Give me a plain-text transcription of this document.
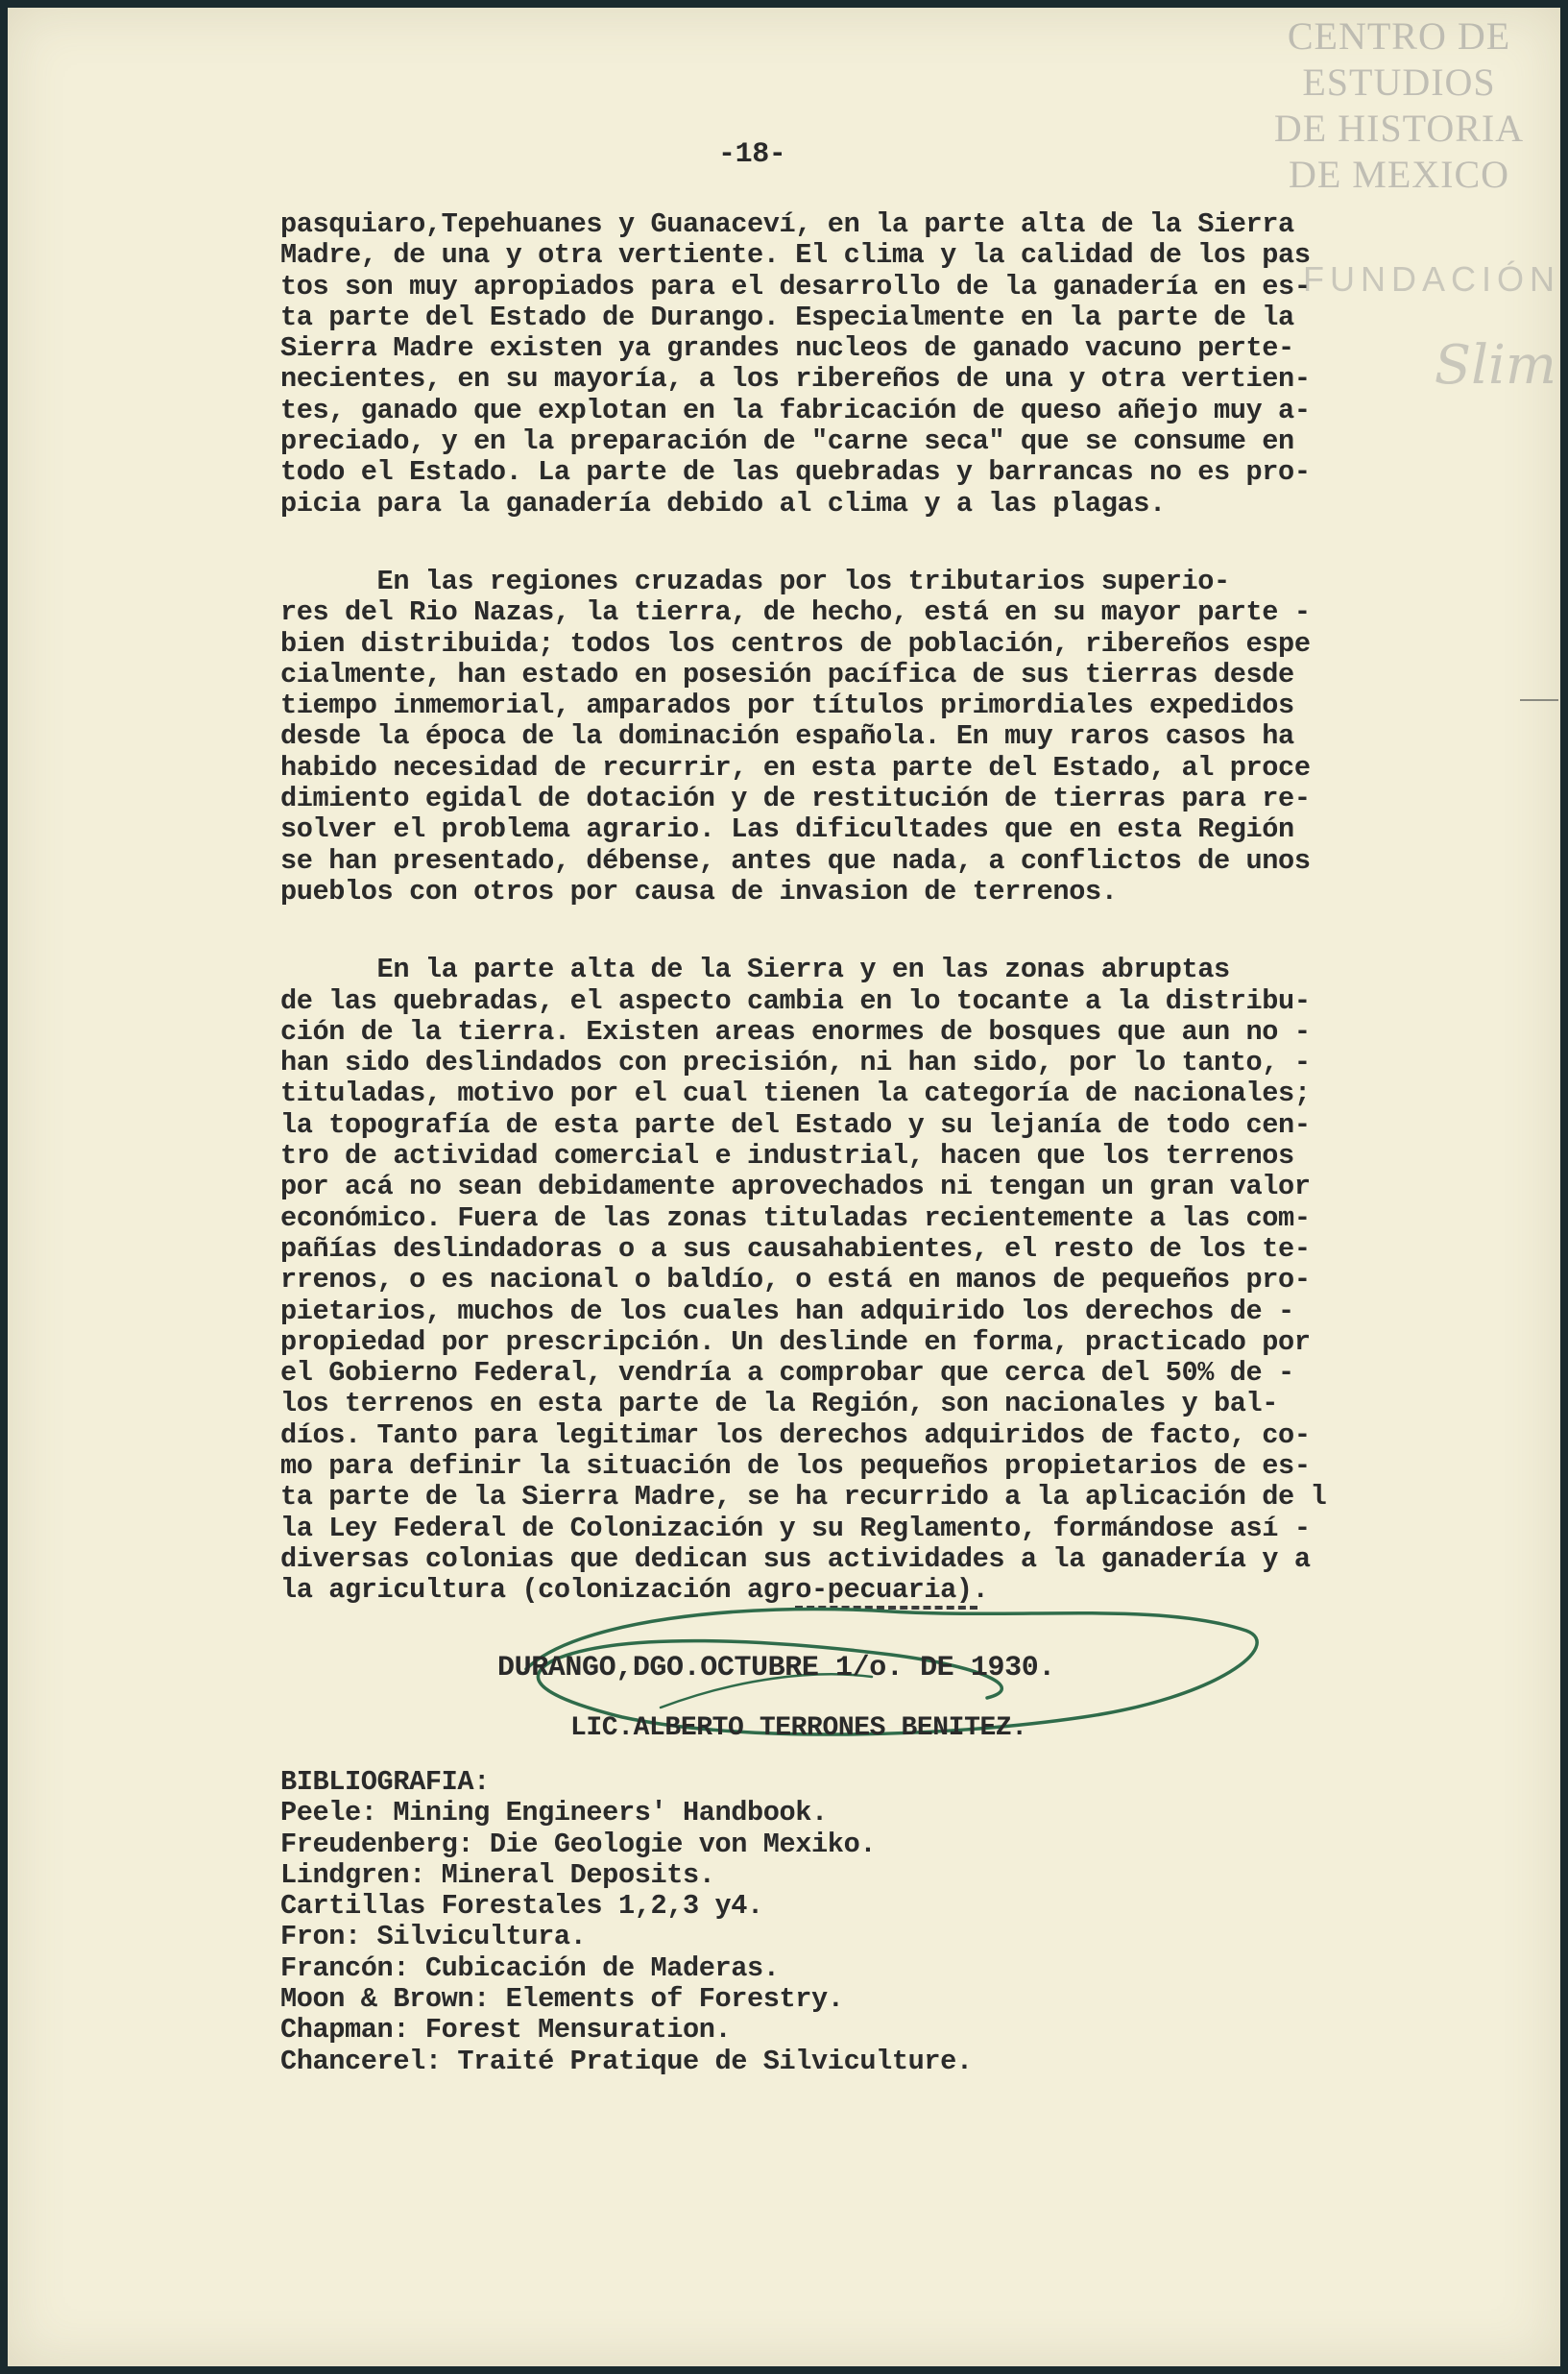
CENTRO DE
ESTUDIOS
DE HISTORIA
DE MEXICO
FUNDACIÓN
Slim
-18-
pasquiaro,Tepehuanes y Guanaceví, en la parte alta de la Sierra
Madre, de una y otra vertiente. El clima y la calidad de los pas
tos son muy apropiados para el desarrollo de la ganadería en es-
ta parte del Estado de Durango. Especialmente en la parte de la
Sierra Madre existen ya grandes nucleos de ganado vacuno perte-
necientes, en su mayoría, a los ribereños de una y otra vertien-
tes, ganado que explotan en la fabricación de queso añejo muy a-
preciado, y en la preparación de "carne seca" que se consume en
todo el Estado. La parte de las quebradas y barrancas no es pro-
picia para la ganadería debido al clima y a las plagas.
En las regiones cruzadas por los tributarios superio-
res del Rio Nazas, la tierra, de hecho, está en su mayor parte -
bien distribuida; todos los centros de población, ribereños espe
cialmente, han estado en posesión pacífica de sus tierras desde
tiempo inmemorial, amparados por títulos primordiales expedidos
desde la época de la dominación española. En muy raros casos ha
habido necesidad de recurrir, en esta parte del Estado, al proce
dimiento egidal de dotación y de restitución de tierras para re-
solver el problema agrario. Las dificultades que en esta Región
se han presentado, débense, antes que nada, a conflictos de unos
pueblos con otros por causa de invasion de terrenos.
En la parte alta de la Sierra y en las zonas abruptas
de las quebradas, el aspecto cambia en lo tocante a la distribu-
ción de la tierra. Existen areas enormes de bosques que aun no -
han sido deslindados con precisión, ni han sido, por lo tanto, -
tituladas, motivo por el cual tienen la categoría de nacionales;
la topografía de esta parte del Estado y su lejanía de todo cen-
tro de actividad comercial e industrial, hacen que los terrenos
por acá no sean debidamente aprovechados ni tengan un gran valor
económico. Fuera de las zonas tituladas recientemente a las com-
pañías deslindadoras o a sus causahabientes, el resto de los te-
rrenos, o es nacional o baldío, o está en manos de pequeños pro-
pietarios, muchos de los cuales han adquirido los derechos de -
propiedad por prescripción. Un deslinde en forma, practicado por
el Gobierno Federal, vendría a comprobar que cerca del 50% de -
los terrenos en esta parte de la Región, son nacionales y bal-
díos. Tanto para legitimar los derechos adquiridos de facto, co-
mo para definir la situación de los pequeños propietarios de es-
ta parte de la Sierra Madre, se ha recurrido a la aplicación de l
la Ley Federal de Colonización y su Reglamento, formándose así -
diversas colonias que dedican sus actividades a la ganadería y a
la agricultura (colonización agro-pecuaria).
DURANGO,DGO.OCTUBRE 1/o. DE 1930.
LIC.ALBERTO TERRONES BENITEZ.
BIBLIOGRAFIA:
Peele: Mining Engineers' Handbook.
Freudenberg: Die Geologie von Mexiko.
Lindgren: Mineral Deposits.
Cartillas Forestales 1,2,3 y4.
Fron: Silvicultura.
Francón: Cubicación de Maderas.
Moon & Brown: Elements of Forestry.
Chapman: Forest Mensuration.
Chancerel: Traité Pratique de Silviculture.
